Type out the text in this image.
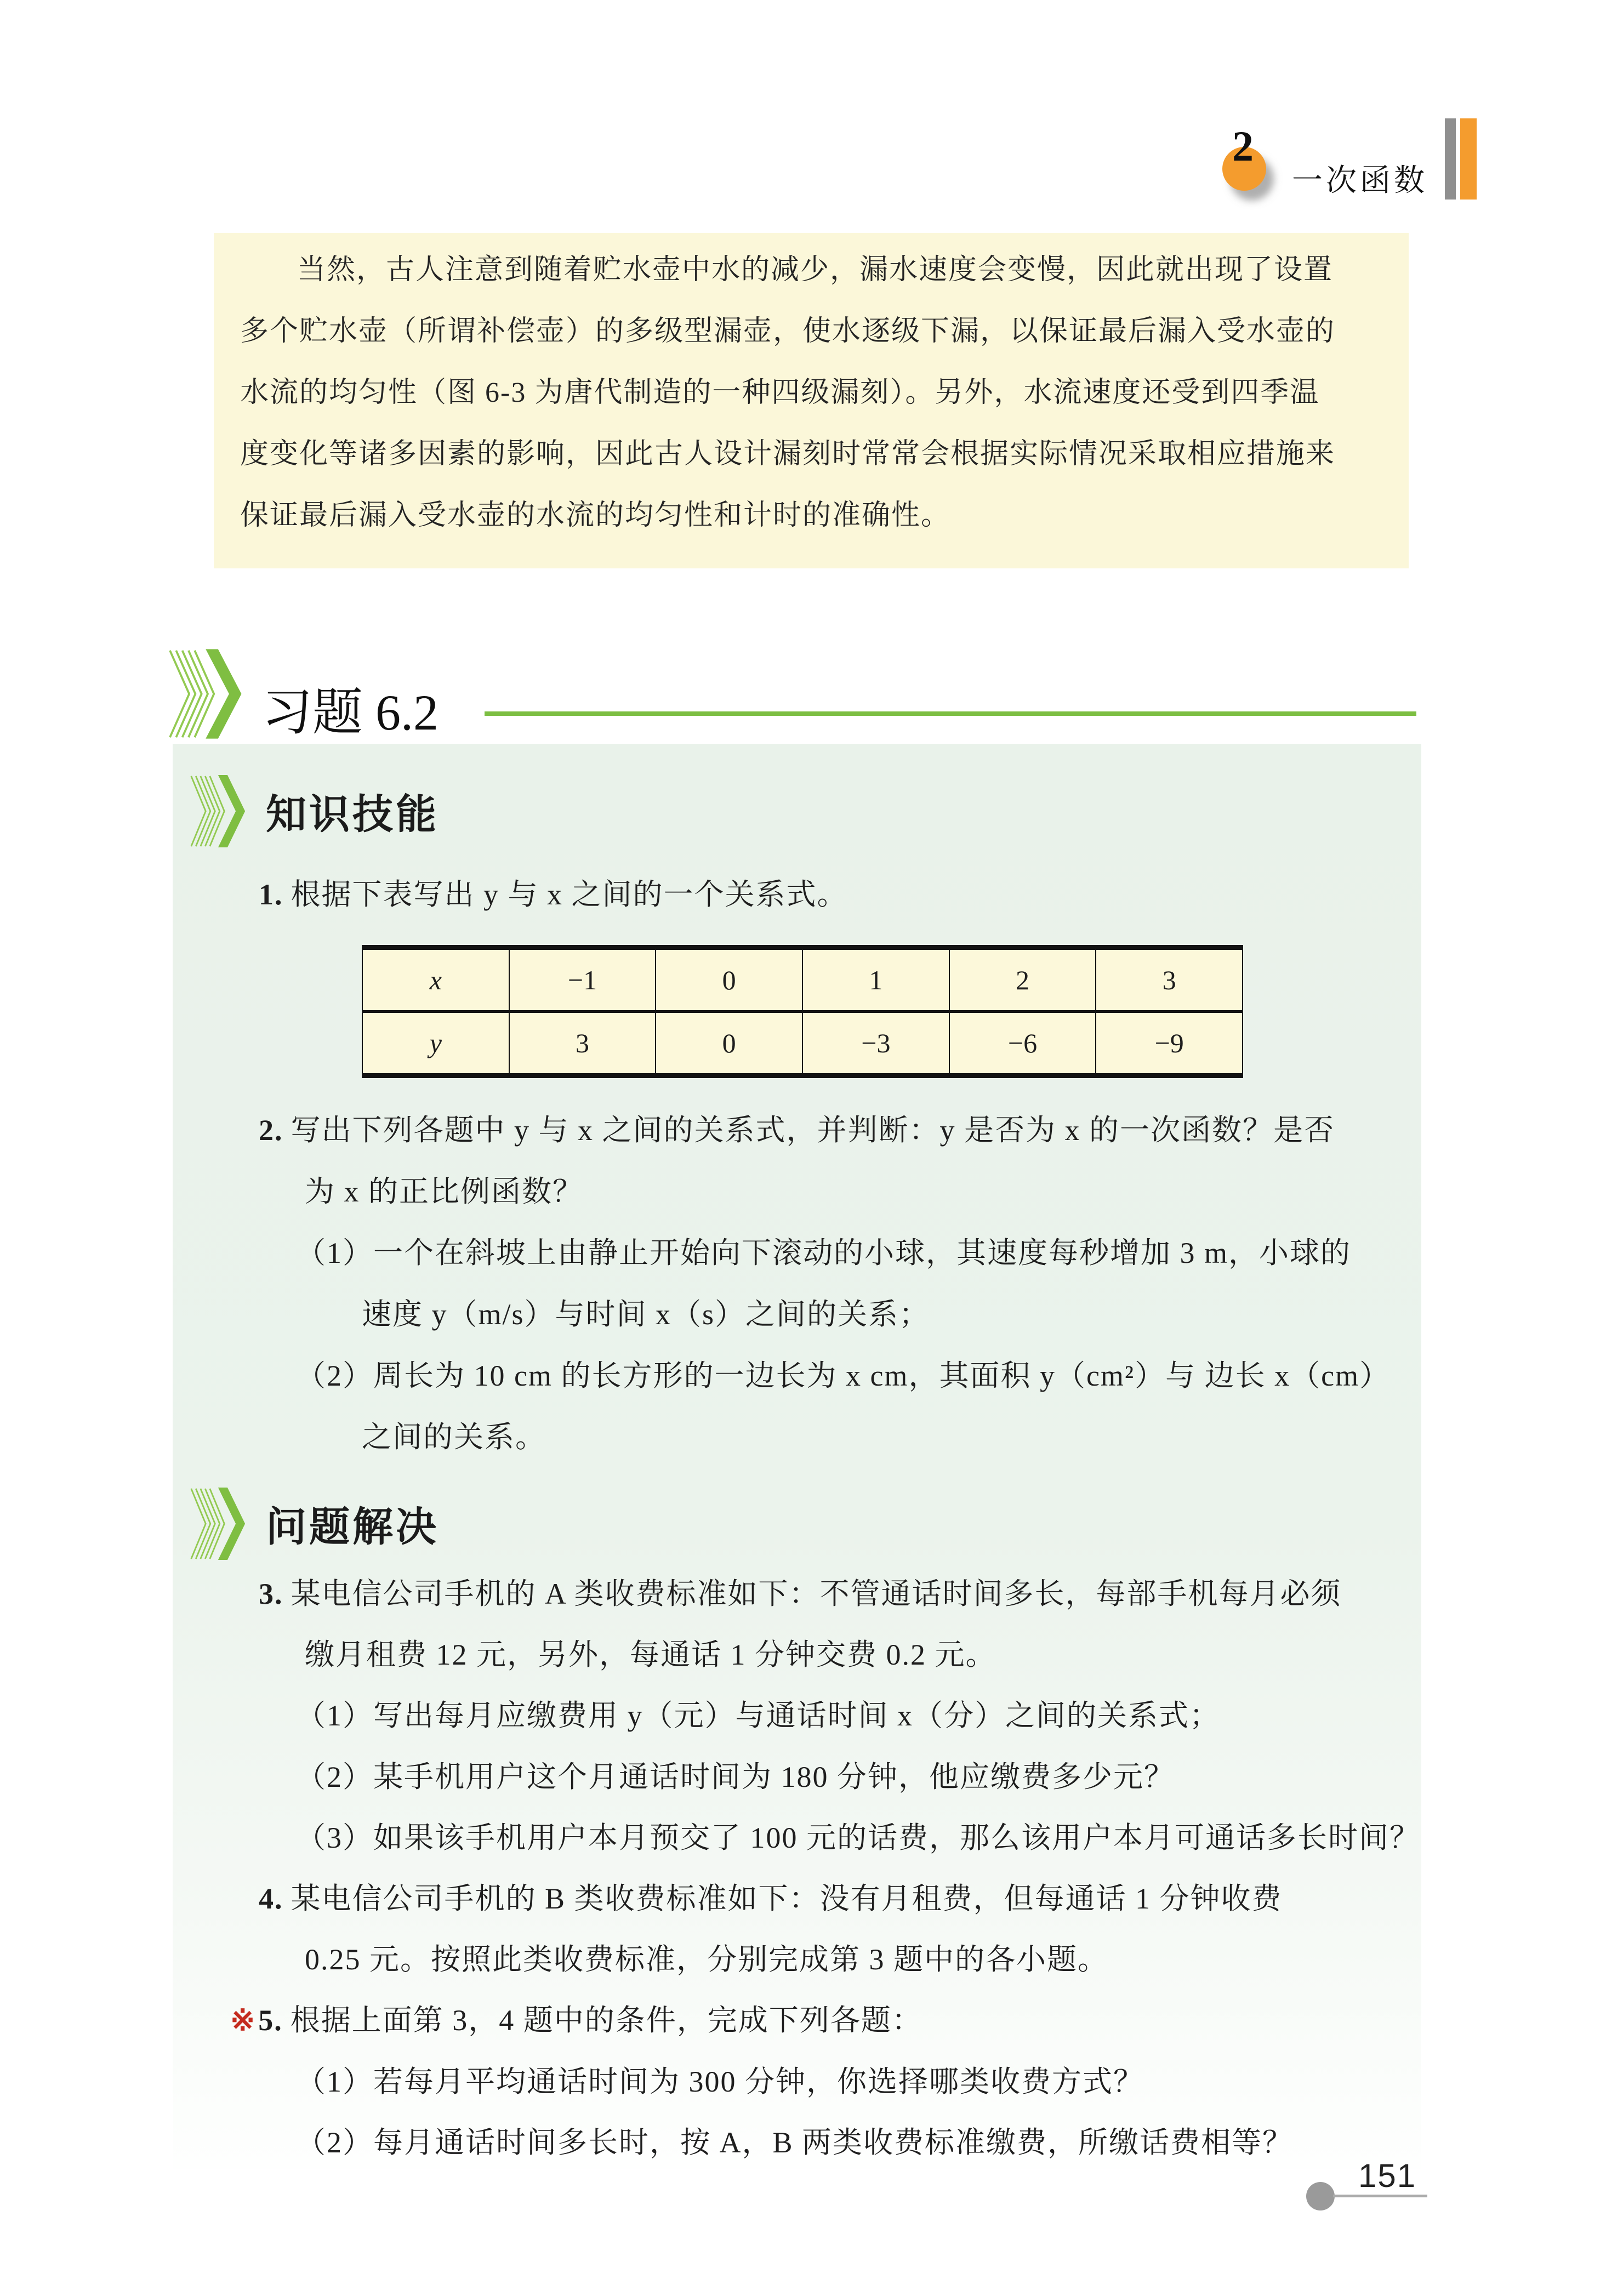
2
一次函数
当然，古人注意到随着贮水壶中水的减少，漏水速度会变慢，因此就出现了设置
多个贮水壶（所谓补偿壶）的多级型漏壶，使水逐级下漏，以保证最后漏入受水壶的
水流的均匀性（图 6-3 为唐代制造的一种四级漏刻）。另外，水流速度还受到四季温
度变化等诸多因素的影响，因此古人设计漏刻时常常会根据实际情况采取相应措施来
保证最后漏入受水壶的水流的均匀性和计时的准确性。
习题 6.2
知识技能
1. 根据下表写出 y 与 x 之间的一个关系式。
x	−1	0	1	2	3
y	3	0	−3	−6	−9
2. 写出下列各题中 y 与 x 之间的关系式，并判断：y 是否为 x 的一次函数？是否
为 x 的正比例函数？
（1）一个在斜坡上由静止开始向下滚动的小球，其速度每秒增加 3 m，小球的
速度 y（m/s）与时间 x（s）之间的关系；
（2）周长为 10 cm 的长方形的一边长为 x cm，其面积 y（cm²）与 边长 x（cm）
之间的关系。
问题解决
3. 某电信公司手机的 A 类收费标准如下：不管通话时间多长，每部手机每月必须
缴月租费 12 元，另外，每通话 1 分钟交费 0.2 元。
（1）写出每月应缴费用 y（元）与通话时间 x（分）之间的关系式；
（2）某手机用户这个月通话时间为 180 分钟，他应缴费多少元？
（3）如果该手机用户本月预交了 100 元的话费，那么该用户本月可通话多长时间？
4. 某电信公司手机的 B 类收费标准如下：没有月租费，但每通话 1 分钟收费
0.25 元。按照此类收费标准，分别完成第 3 题中的各小题。
※5. 根据上面第 3，4 题中的条件，完成下列各题：
（1）若每月平均通话时间为 300 分钟，你选择哪类收费方式？
（2）每月通话时间多长时，按 A，B 两类收费标准缴费，所缴话费相等？
151
